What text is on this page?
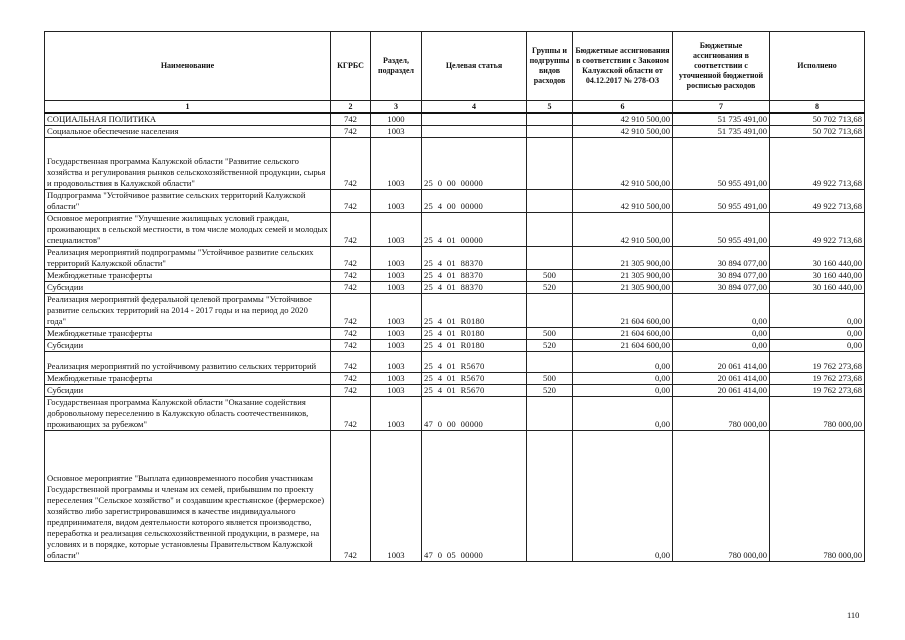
Наименование	КГРБС	Раздел, подраздел	Целевая статья	Группы и подгруппы видов расходов	Бюджетные ассигнования в соответствии с Законом Калужской области от 04.12.2017 № 278-ОЗ	Бюджетные ассигнования в соответствии с уточненной бюджетной росписью расходов	Исполнено
1	2	3	4	5	6	7	8
СОЦИАЛЬНАЯ ПОЛИТИКА	742	1000			42 910 500,00	51 735 491,00	50 702 713,68
Социальное обеспечение населения	742	1003			42 910 500,00	51 735 491,00	50 702 713,68
Государственная программа Калужской области "Развитие сельского хозяйства и регулирования рынков сельскохозяйственной продукции, сырья и продовольствия в Калужской области"	742	1003	25  0  00  00000		42 910 500,00	50 955 491,00	49 922 713,68
Подпрограмма "Устойчивое развитие сельских территорий Калужской области"	742	1003	25  4  00  00000		42 910 500,00	50 955 491,00	49 922 713,68
Основное мероприятие "Улучшение жилищных условий граждан, проживающих в сельской местности, в том числе молодых семей и молодых специалистов"	742	1003	25  4  01  00000		42 910 500,00	50 955 491,00	49 922 713,68
Реализация мероприятий подпрограммы "Устойчивое развитие сельских территорий Калужской области"	742	1003	25  4  01  88370		21 305 900,00	30 894 077,00	30 160 440,00
Межбюджетные трансферты	742	1003	25  4  01  88370	500	21 305 900,00	30 894 077,00	30 160 440,00
Субсидии	742	1003	25  4  01  88370	520	21 305 900,00	30 894 077,00	30 160 440,00
Реализация мероприятий федеральной целевой программы "Устойчивое развитие сельских территорий на 2014 - 2017 годы и на период до 2020 года"	742	1003	25  4  01  R0180		21 604 600,00	0,00	0,00
Межбюджетные трансферты	742	1003	25  4  01  R0180	500	21 604 600,00	0,00	0,00
Субсидии	742	1003	25  4  01  R0180	520	21 604 600,00	0,00	0,00
Реализация мероприятий по устойчивому развитию сельских территорий	742	1003	25  4  01  R5670		0,00	20 061 414,00	19 762 273,68
Межбюджетные трансферты	742	1003	25  4  01  R5670	500	0,00	20 061 414,00	19 762 273,68
Субсидии	742	1003	25  4  01  R5670	520	0,00	20 061 414,00	19 762 273,68
Государственная программа Калужской области "Оказание содействия добровольному переселению в Калужскую область соотечественников, проживающих за рубежом"	742	1003	47  0  00  00000		0,00	780 000,00	780 000,00
Основное мероприятие "Выплата единовременного пособия участникам Государственной программы и членам их семей, прибывшим по проекту переселения "Сельское хозяйство" и создавшим крестьянское (фермерское) хозяйство либо зарегистрировавшимся в качестве индивидуального предпринимателя, видом деятельности которого является производство, переработка и реализация сельскохозяйственной продукции, в размере, на условиях и в порядке, которые установлены Правительством Калужской области"	742	1003	47  0  05  00000		0,00	780 000,00	780 000,00
110
